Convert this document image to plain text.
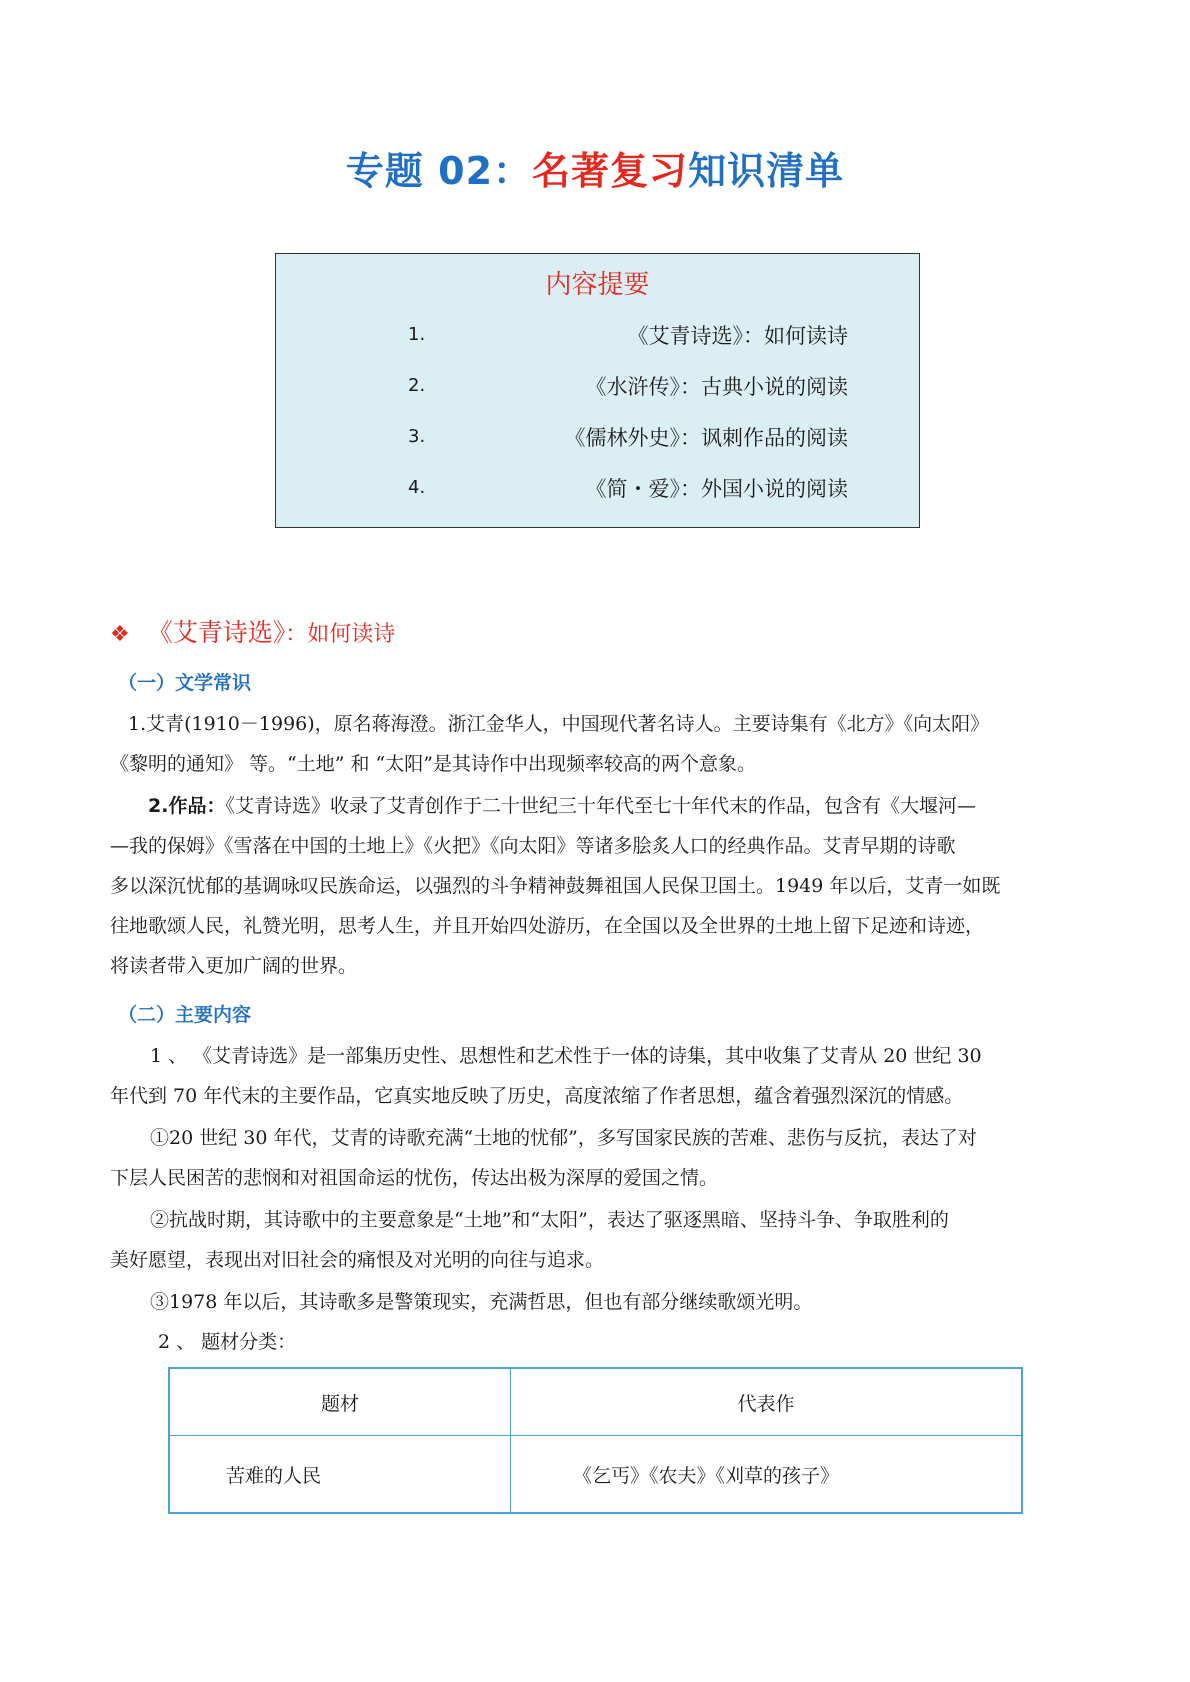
专题 02：名著复习知识清单
内容提要
1.	《艾青诗选》：如何读诗
2.	《水浒传》：古典小说的阅读
3.	《儒林外史》：讽刺作品的阅读
4.	《简・爱》：外国小说的阅读
❖ 《艾青诗选》：如何读诗
（一）文学常识
1.艾青(1910－1996)，原名蒋海澄。浙江金华人，中国现代著名诗人。主要诗集有《北方》《向太阳》
《黎明的通知》 等。“土地” 和 “太阳”是其诗作中出现频率较高的两个意象。
2.作品：《艾青诗选》收录了艾青创作于二十世纪三十年代至七十年代末的作品，包含有《大堰河—
—我的保姆》《雪落在中国的土地上》《火把》《向太阳》等诸多脍炙人口的经典作品。艾青早期的诗歌
多以深沉忧郁的基调咏叹民族命运，以强烈的斗争精神鼓舞祖国人民保卫国土。1949 年以后，艾青一如既
往地歌颂人民，礼赞光明，思考人生，并且开始四处游历，在全国以及全世界的土地上留下足迹和诗迹，
将读者带入更加广阔的世界。
（二）主要内容
1 、 《艾青诗选》是一部集历史性、思想性和艺术性于一体的诗集，其中收集了艾青从 20 世纪 30
年代到 70 年代末的主要作品，它真实地反映了历史，高度浓缩了作者思想，蕴含着强烈深沉的情感。
①20 世纪 30 年代，艾青的诗歌充满“土地的忧郁”，多写国家民族的苦难、悲伤与反抗，表达了对
下层人民困苦的悲悯和对祖国命运的忧伤，传达出极为深厚的爱国之情。
②抗战时期，其诗歌中的主要意象是“土地”和“太阳”，表达了驱逐黑暗、坚持斗争、争取胜利的
美好愿望，表现出对旧社会的痛恨及对光明的向往与追求。
③1978 年以后，其诗歌多是警策现实，充满哲思，但也有部分继续歌颂光明。
2 、 题材分类：
题材	代表作
苦难的人民	《乞丐》《农夫》《刈草的孩子》
